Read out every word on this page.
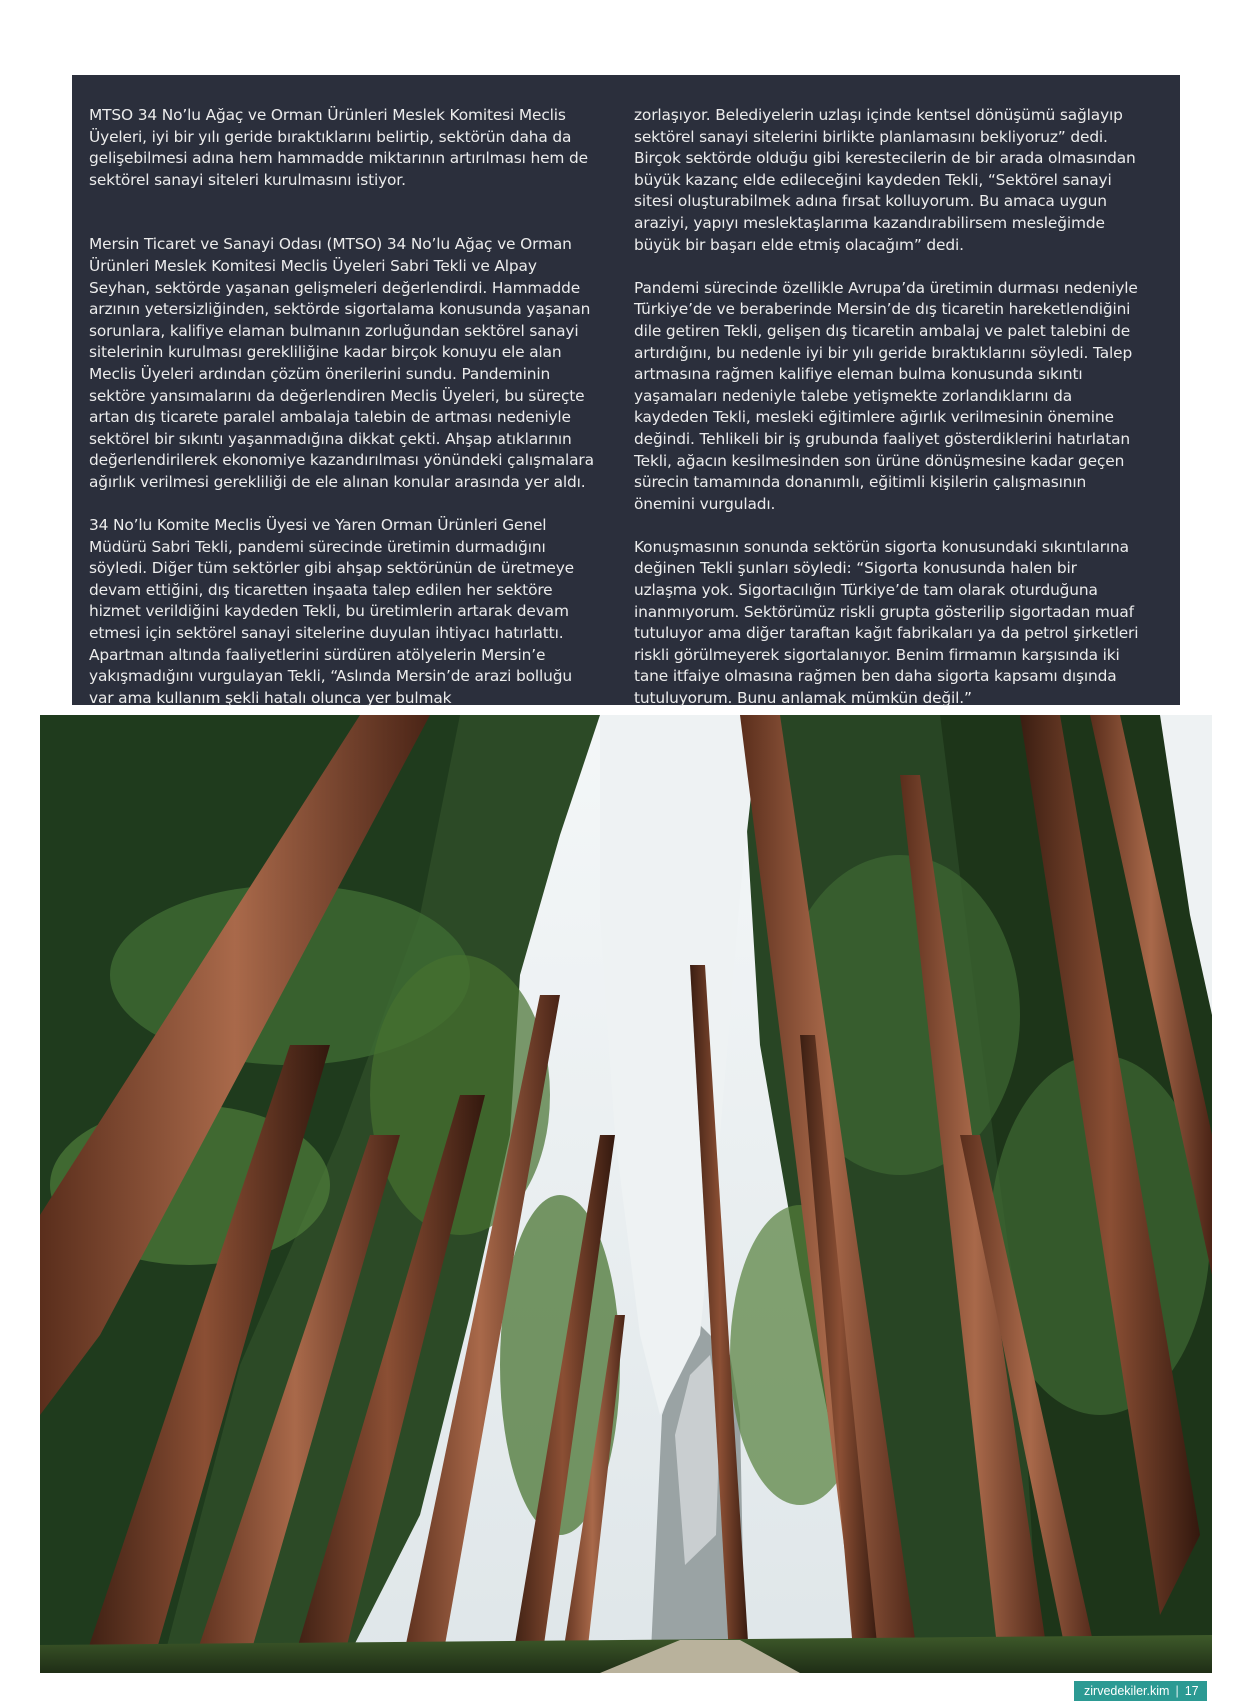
MTSO 34 No’lu Ağaç ve Orman Ürünleri Meslek Komitesi Meclis Üyeleri, iyi bir yılı geride bıraktıklarını belirtip, sektörün daha da gelişebilmesi adına hem hammadde miktarının artırılması hem de sektörel sanayi siteleri kurulmasını istiyor.

Mersin Ticaret ve Sanayi Odası (MTSO) 34 No’lu Ağaç ve Orman Ürünleri Meslek Komitesi Meclis Üyeleri Sabri Tekli ve Alpay Seyhan, sektörde yaşanan gelişmeleri değerlendirdi. Hammadde arzının yetersizliğinden, sektörde sigortalama konusunda yaşanan sorunlara, kalifiye elaman bulmanın zorluğundan sektörel sanayi sitelerinin kurulması gerekliliğine kadar birçok konuyu ele alan Meclis Üyeleri ardından çözüm önerilerini sundu. Pandeminin sektöre yansımalarını da değerlendiren Meclis Üyeleri, bu süreçte artan dış ticarete paralel ambalaja talebin de artması nedeniyle sektörel bir sıkıntı yaşanmadığına dikkat çekti. Ahşap atıklarının değerlendirilerek ekonomiye kazandırılması yönündeki çalışmalara ağırlık verilmesi gerekliliği de ele alınan konular arasında yer aldı.

34 No’lu Komite Meclis Üyesi ve Yaren Orman Ürünleri Genel Müdürü Sabri Tekli, pandemi sürecinde üretimin durmadığını söyledi. Diğer tüm sektörler gibi ahşap sektörünün de üretmeye devam ettiğini, dış ticaretten inşaata talep edilen her sektöre hizmet verildiğini kaydeden Tekli, bu üretimlerin artarak devam etmesi için sektörel sanayi sitelerine duyulan ihtiyacı hatırlattı. Apartman altında faaliyetlerini sürdüren atölyelerin Mersin’e yakışmadığını vurgulayan Tekli, “Aslında Mersin’de arazi bolluğu var ama kullanım şekli hatalı olunca yer bulmak

zorlaşıyor. Belediyelerin uzlaşı içinde kentsel dönüşümü sağlayıp sektörel sanayi sitelerini birlikte planlamasını bekliyoruz” dedi. Birçok sektörde olduğu gibi kerestecilerin de bir arada olmasından büyük kazanç elde edileceğini kaydeden Tekli, “Sektörel sanayi sitesi oluşturabilmek adına fırsat kolluyorum. Bu amaca uygun araziyi, yapıyı meslektaşlarıma kazandırabilirsem mesleğimde büyük bir başarı elde etmiş olacağım” dedi.

Pandemi sürecinde özellikle Avrupa’da üretimin durması nedeniyle Türkiye’de ve beraberinde Mersin’de dış ticaretin hareketlendiğini dile getiren Tekli, gelişen dış ticaretin ambalaj ve palet talebini de artırdığını, bu nedenle iyi bir yılı geride bıraktıklarını söyledi. Talep artmasına rağmen kalifiye eleman bulma konusunda sıkıntı yaşamaları nedeniyle talebe yetişmekte zorlandıklarını da kaydeden Tekli, mesleki eğitimlere ağırlık verilmesinin önemine değindi. Tehlikeli bir iş grubunda faaliyet gösterdiklerini hatırlatan Tekli, ağacın kesilmesinden son ürüne dönüşmesine kadar geçen sürecin tamamında donanımlı, eğitimli kişilerin çalışmasının önemini vurguladı.

Konuşmasının sonunda sektörün sigorta konusundaki sıkıntılarına değinen Tekli şunları söyledi: “Sigorta konusunda halen bir uzlaşma yok. Sigortacılığın Türkiye’de tam olarak oturduğuna inanmıyorum. Sektörümüz riskli grupta gösterilip sigortadan muaf tutuluyor ama diğer taraftan kağıt fabrikaları ya da petrol şirketleri riskli görülmeyerek sigortalanıyor. Benim firmamın karşısında iki tane itfaiye olmasına rağmen ben daha sigorta kapsamı dışında tutuluyorum. Bunu anlamak mümkün değil.”

zirvedekiler.kim | 17
